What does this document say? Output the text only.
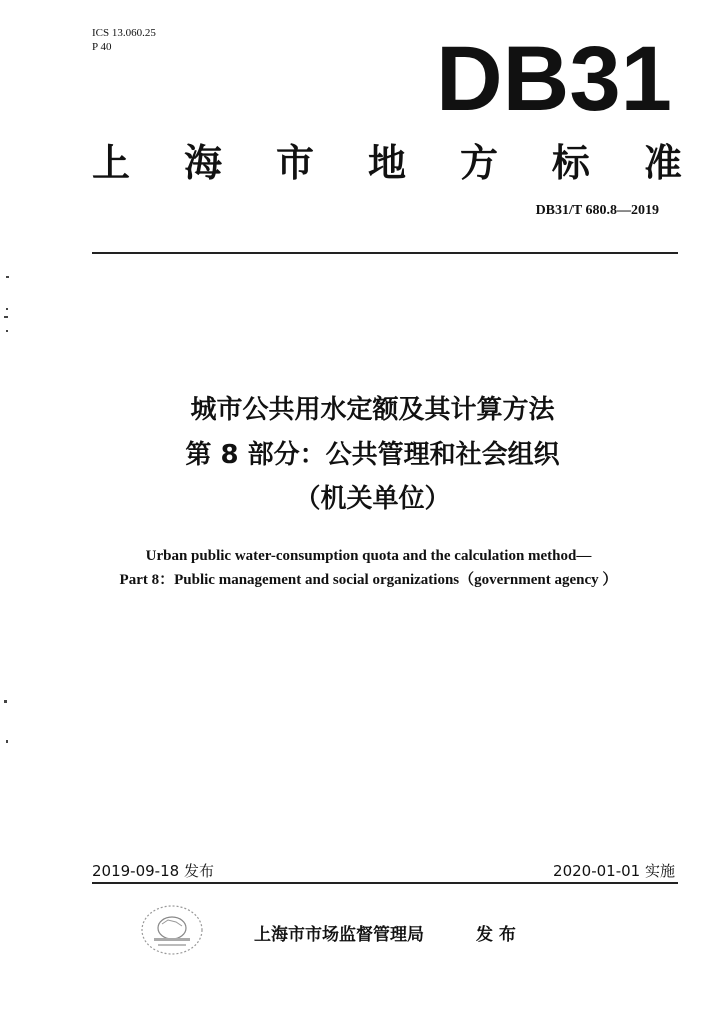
ICS 13.060.25
P 40	DB31
上 海 市 地 方 标 准
DB31/T 680.8—2019
城市公共用水定额及其计算方法
第 8 部分：公共管理和社会组织
（机关单位）
Urban public water-consumption quota and the calculation method—
Part 8：Public management and social organizations（government agency ）
2019-09-18 发布	2020-01-01 实施
上海市市场监督管理局	发 布
